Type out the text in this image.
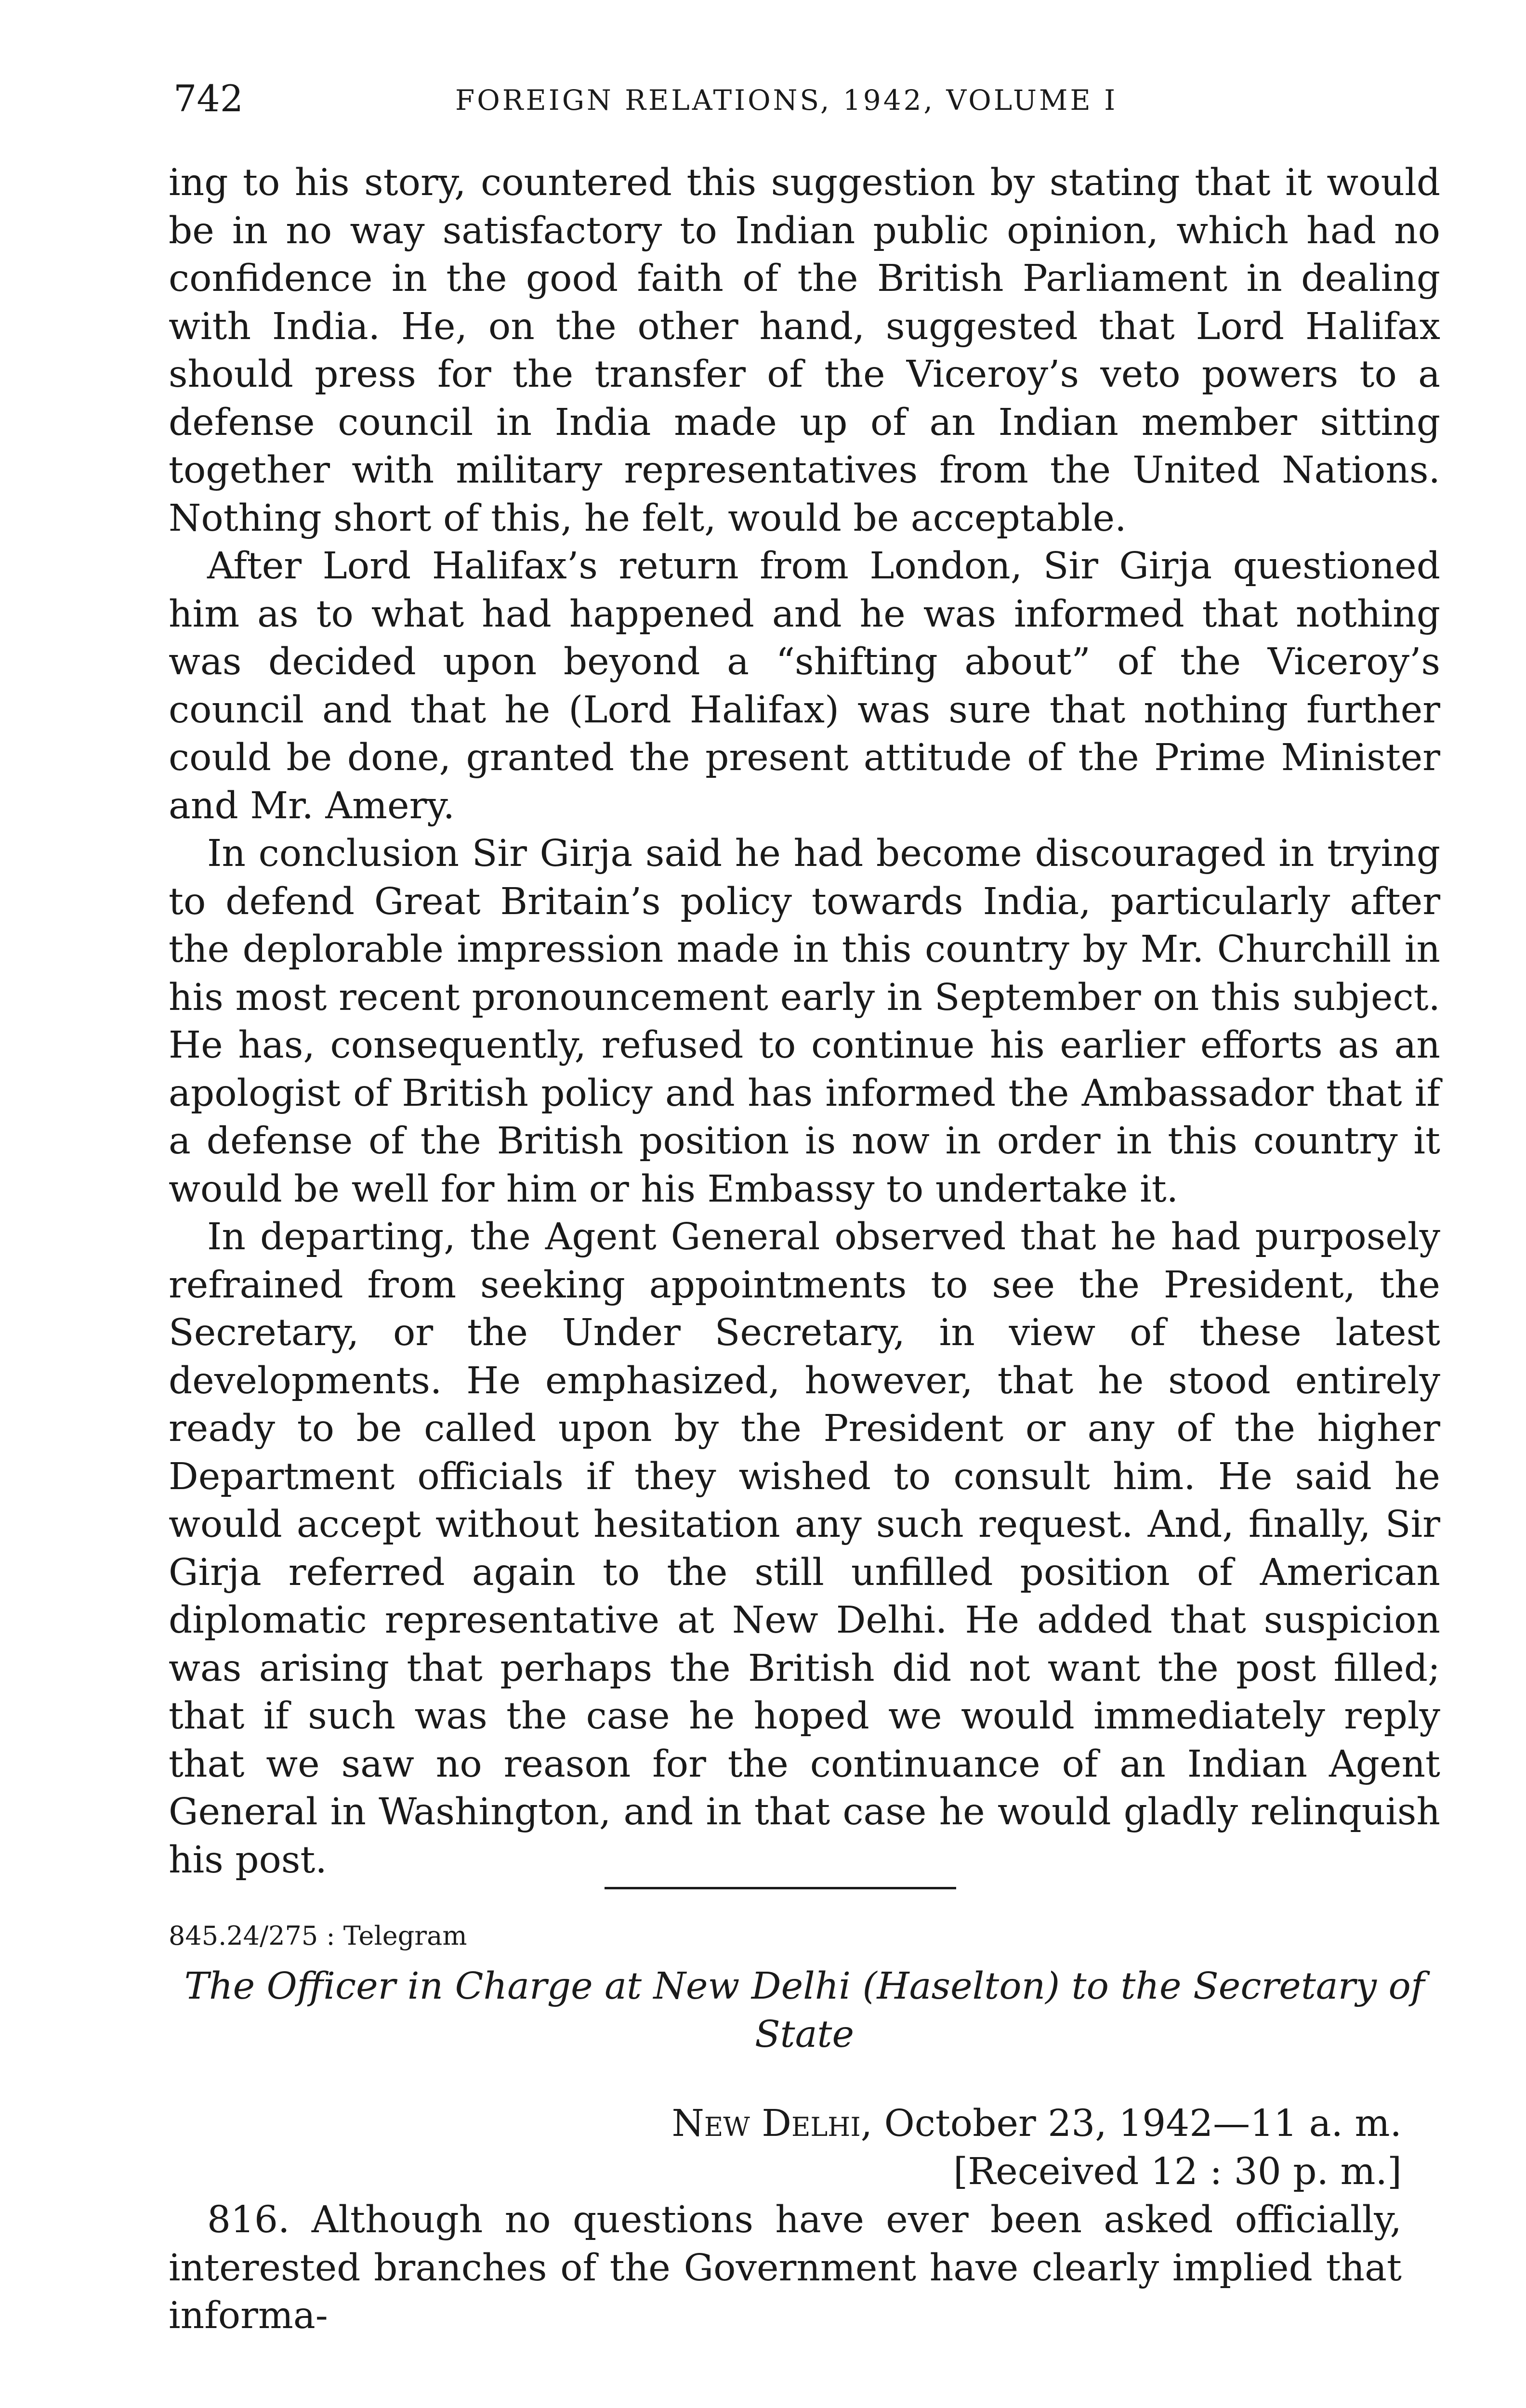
742	FOREIGN RELATIONS, 1942, VOLUME I

ing to his story, countered this suggestion by stating that it would be in no way satisfactory to Indian public opinion, which had no confidence in the good faith of the British Parliament in dealing with India. He, on the other hand, suggested that Lord Halifax should press for the transfer of the Viceroy’s veto powers to a defense council in India made up of an Indian member sitting together with military representatives from the United Nations. Nothing short of this, he felt, would be acceptable.

After Lord Halifax’s return from London, Sir Girja questioned him as to what had happened and he was informed that nothing was decided upon beyond a “shifting about” of the Viceroy’s council and that he (Lord Halifax) was sure that nothing further could be done, granted the present attitude of the Prime Minister and Mr. Amery.

In conclusion Sir Girja said he had become discouraged in trying to defend Great Britain’s policy towards India, particularly after the deplorable impression made in this country by Mr. Churchill in his most recent pronouncement early in September on this subject. He has, consequently, refused to continue his earlier efforts as an apologist of British policy and has informed the Ambassador that if a defense of the British position is now in order in this country it would be well for him or his Embassy to undertake it.

In departing, the Agent General observed that he had purposely refrained from seeking appointments to see the President, the Secretary, or the Under Secretary, in view of these latest developments. He emphasized, however, that he stood entirely ready to be called upon by the President or any of the higher Department officials if they wished to consult him. He said he would accept without hesitation any such request. And, finally, Sir Girja referred again to the still unfilled position of American diplomatic representative at New Delhi. He added that suspicion was arising that perhaps the British did not want the post filled; that if such was the case he hoped we would immediately reply that we saw no reason for the continuance of an Indian Agent General in Washington, and in that case he would gladly relinquish his post.

845.24/275 : Telegram
The Officer in Charge at New Delhi (Haselton) to the Secretary of State
New Delhi, October 23, 1942—11 a. m.
[Received 12 : 30 p. m.]

816. Although no questions have ever been asked officially, interested branches of the Government have clearly implied that informa-
